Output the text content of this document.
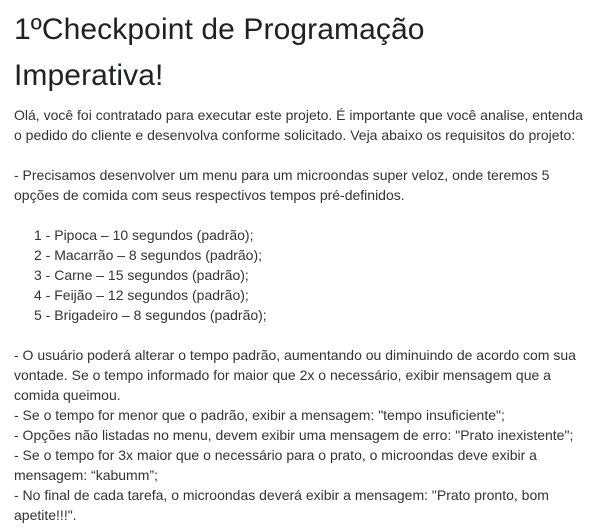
1ºCheckpoint de Programação
Imperativa!

Olá, você foi contratado para executar este projeto. É importante que você analise, entenda
o pedido do cliente e desenvolva conforme solicitado. Veja abaixo os requisitos do projeto:

- Precisamos desenvolver um menu para um microondas super veloz, onde teremos 5
opções de comida com seus respectivos tempos pré-definidos.

1 - Pipoca – 10 segundos (padrão);
2 - Macarrão – 8 segundos (padrão);
3 - Carne – 15 segundos (padrão);
4 - Feijão – 12 segundos (padrão);
5 - Brigadeiro – 8 segundos (padrão);
- O usuário poderá alterar o tempo padrão, aumentando ou diminuindo de acordo com sua
vontade. Se o tempo informado for maior que 2x o necessário, exibir mensagem que a
comida queimou.
- Se o tempo for menor que o padrão, exibir a mensagem: "tempo insuficiente";
- Opções não listadas no menu, devem exibir uma mensagem de erro: "Prato inexistente";
- Se o tempo for 3x maior que o necessário para o prato, o microondas deve exibir a
mensagem: “kabumm”;
- No final de cada tarefa, o microondas deverá exibir a mensagem: "Prato pronto, bom
apetite!!!".
